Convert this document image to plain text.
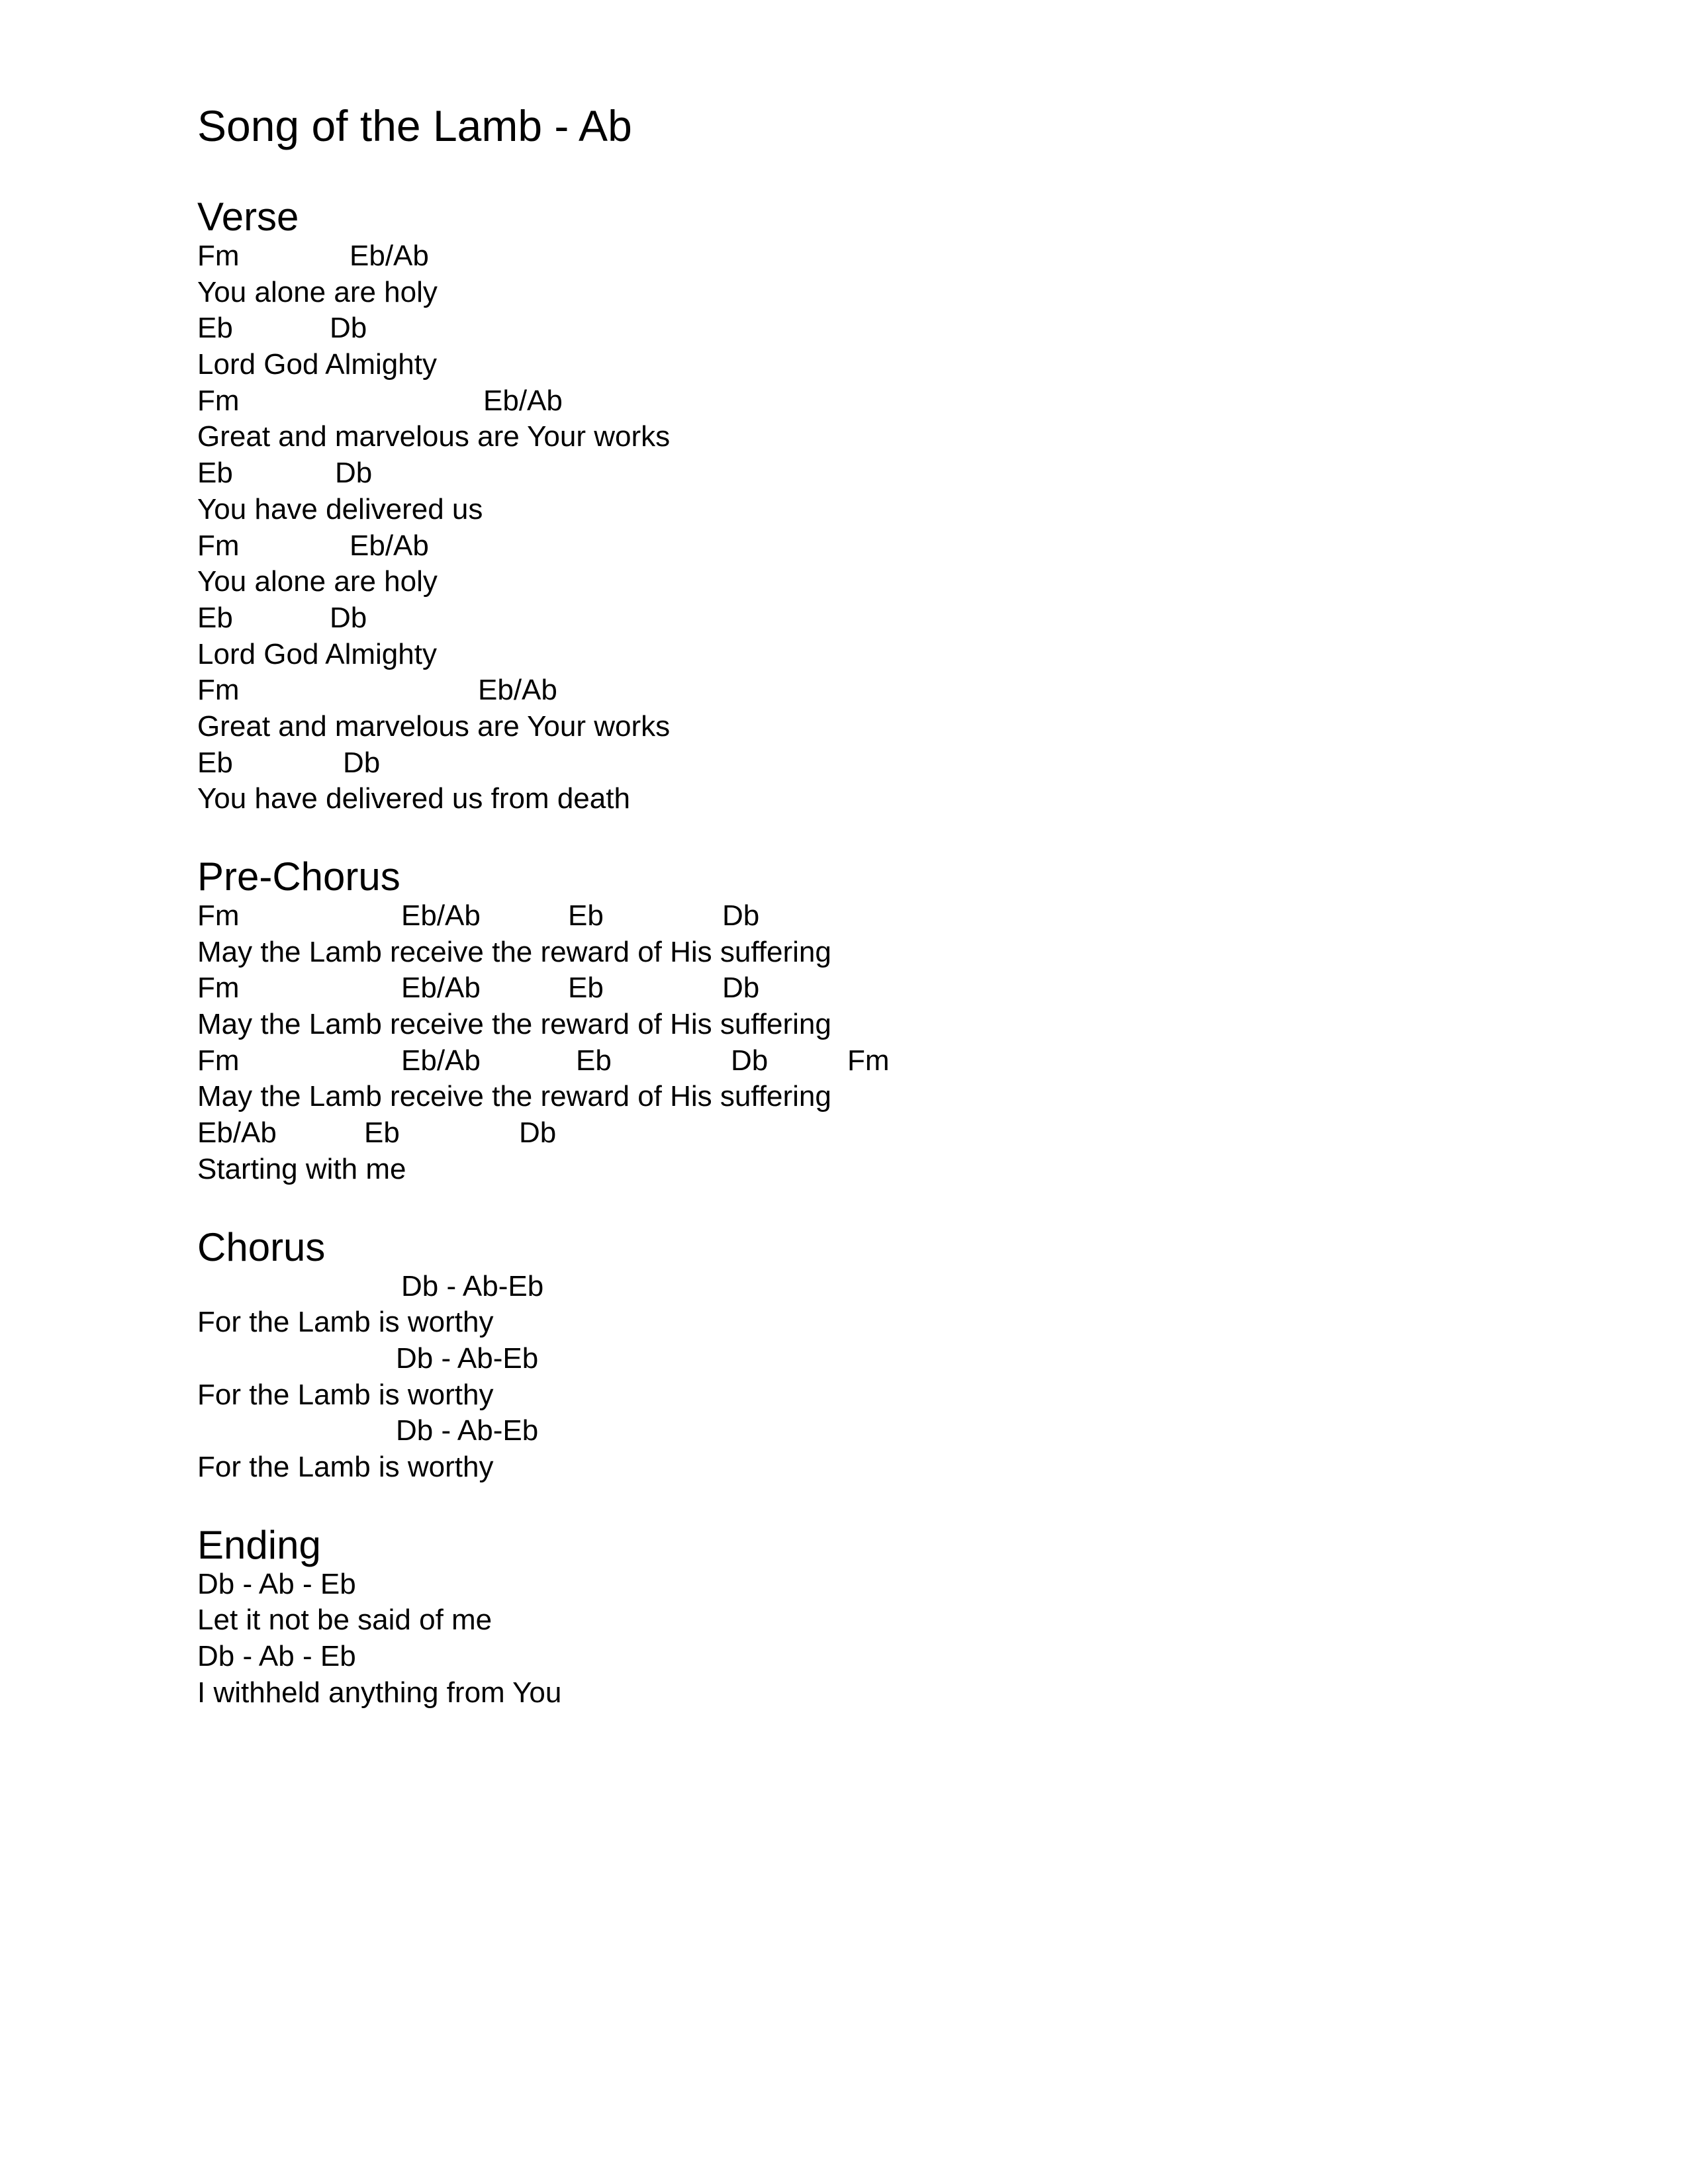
Song of the Lamb - Ab
Verse
Fm	Eb/Ab
You alone are holy
Eb	Db
Lord God Almighty
Fm	Eb/Ab
Great and marvelous are Your works
Eb	Db
You have delivered us
Fm	Eb/Ab
You alone are holy
Eb	Db
Lord God Almighty
Fm	Eb/Ab
Great and marvelous are Your works
Eb	Db
You have delivered us from death
Pre-Chorus
Fm	Eb/Ab	Eb	Db
May the Lamb receive the reward of His suffering
Fm	Eb/Ab	Eb	Db
May the Lamb receive the reward of His suffering
Fm	Eb/Ab	Eb	Db	Fm
May the Lamb receive the reward of His suffering
Eb/Ab	Eb	Db
Starting with me
Chorus
Db - Ab-Eb
For the Lamb is worthy
Db - Ab-Eb
For the Lamb is worthy
Db - Ab-Eb
For the Lamb is worthy
Ending
Db - Ab - Eb
Let it not be said of me
Db - Ab - Eb
I withheld anything from You
